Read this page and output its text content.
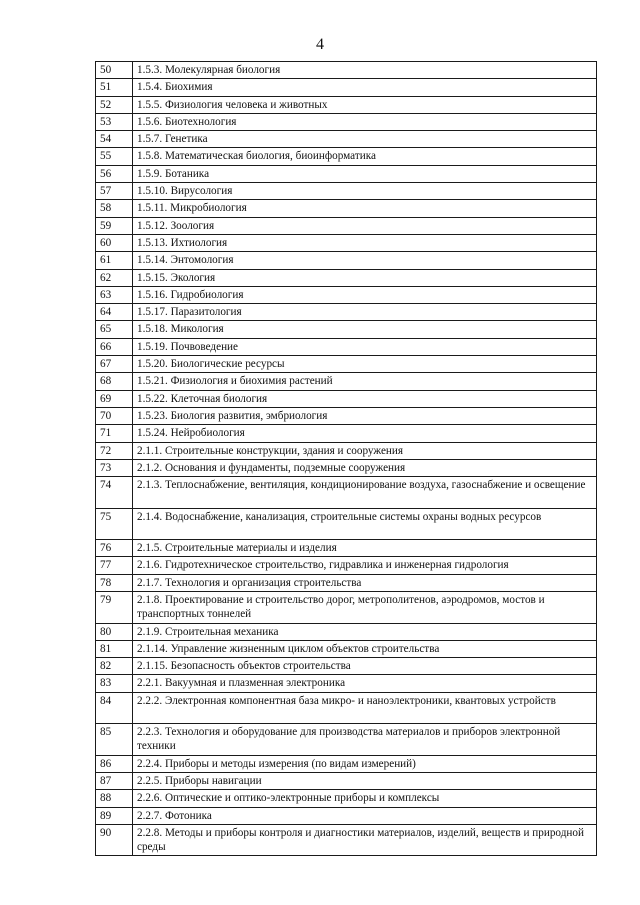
4
50	1.5.3. Молекулярная биология
51	1.5.4. Биохимия
52	1.5.5. Физиология человека и животных
53	1.5.6. Биотехнология
54	1.5.7. Генетика
55	1.5.8. Математическая биология, биоинформатика
56	1.5.9. Ботаника
57	1.5.10. Вирусология
58	1.5.11. Микробиология
59	1.5.12. Зоология
60	1.5.13. Ихтиология
61	1.5.14. Энтомология
62	1.5.15. Экология
63	1.5.16. Гидробиология
64	1.5.17. Паразитология
65	1.5.18. Микология
66	1.5.19. Почвоведение
67	1.5.20. Биологические ресурсы
68	1.5.21. Физиология и биохимия растений
69	1.5.22. Клеточная биология
70	1.5.23. Биология развития, эмбриология
71	1.5.24. Нейробиология
72	2.1.1. Строительные конструкции, здания и сооружения
73	2.1.2. Основания и фундаменты, подземные сооружения
74	2.1.3. Теплоснабжение, вентиляция, кондиционирование воздуха, газоснабжение и освещение
75	2.1.4. Водоснабжение, канализация, строительные системы охраны водных ресурсов
76	2.1.5. Строительные материалы и изделия
77	2.1.6. Гидротехническое строительство, гидравлика и инженерная гидрология
78	2.1.7. Технология и организация строительства
79	2.1.8. Проектирование и строительство дорог, метрополитенов, аэродромов, мостов и транспортных тоннелей
80	2.1.9. Строительная механика
81	2.1.14. Управление жизненным циклом объектов строительства
82	2.1.15. Безопасность объектов строительства
83	2.2.1. Вакуумная и плазменная электроника
84	2.2.2. Электронная компонентная база микро- и наноэлектроники, квантовых устройств
85	2.2.3. Технология и оборудование для производства материалов и приборов электронной техники
86	2.2.4. Приборы и методы измерения (по видам измерений)
87	2.2.5. Приборы навигации
88	2.2.6. Оптические и оптико-электронные приборы и комплексы
89	2.2.7. Фотоника
90	2.2.8. Методы и приборы контроля и диагностики материалов, изделий, веществ и природной среды
